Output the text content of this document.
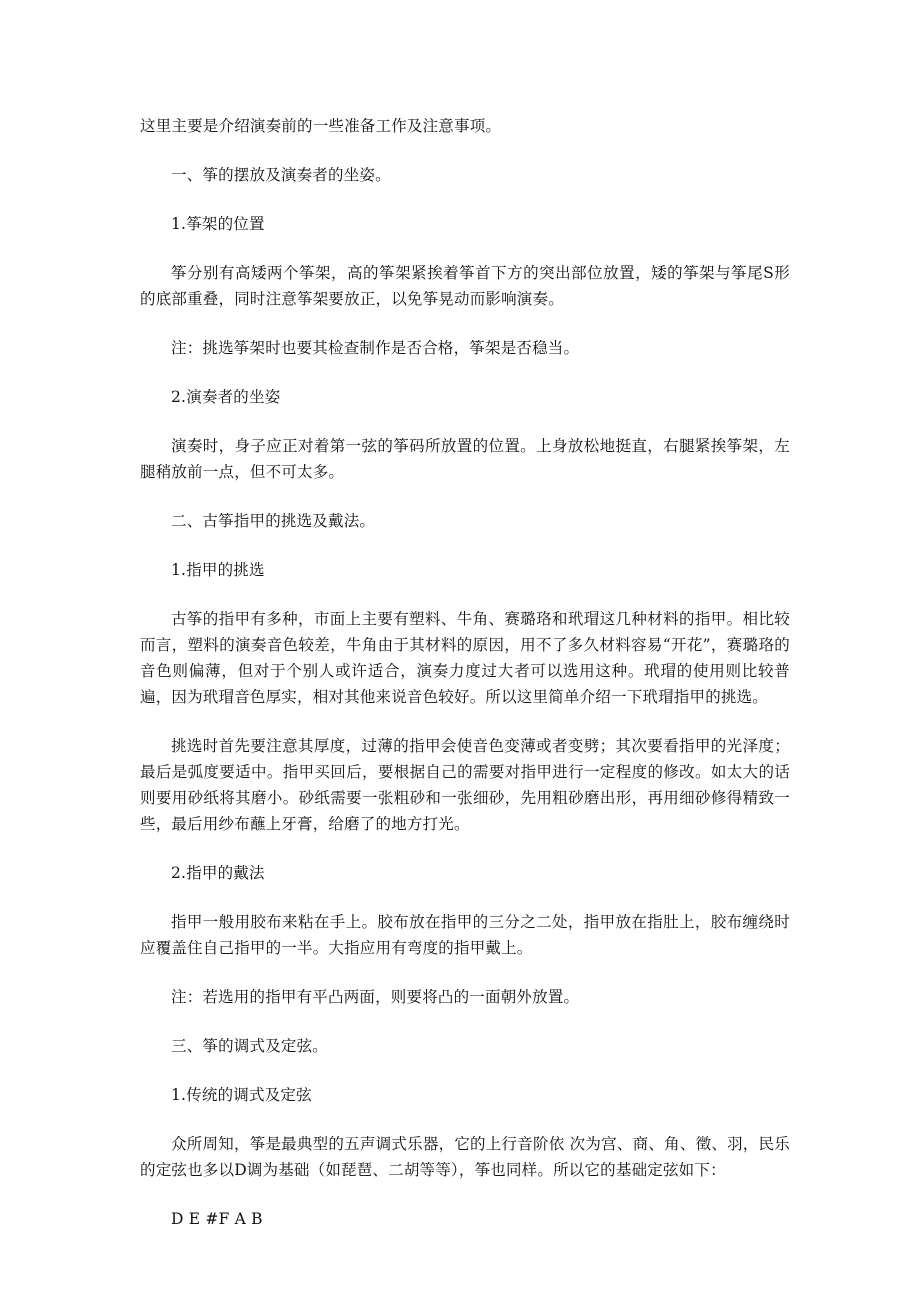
这里主要是介绍演奏前的一些准备工作及注意事项。

一、筝的摆放及演奏者的坐姿。

1.筝架的位置

筝分别有高矮两个筝架，高的筝架紧挨着筝首下方的突出部位放置，矮的筝架与筝尾S形的底部重叠，同时注意筝架要放正，以免筝晃动而影响演奏。

注：挑选筝架时也要其检查制作是否合格，筝架是否稳当。

2.演奏者的坐姿

演奏时，身子应正对着第一弦的筝码所放置的位置。上身放松地挺直，右腿紧挨筝架，左腿稍放前一点，但不可太多。

二、古筝指甲的挑选及戴法。

1.指甲的挑选

古筝的指甲有多种，市面上主要有塑料、牛角、赛璐珞和玳瑁这几种材料的指甲。相比较而言，塑料的演奏音色较差，牛角由于其材料的原因，用不了多久材料容易“开花”，赛璐珞的音色则偏薄，但对于个别人或许适合，演奏力度过大者可以选用这种。玳瑁的使用则比较普遍，因为玳瑁音色厚实，相对其他来说音色较好。所以这里简单介绍一下玳瑁指甲的挑选。

挑选时首先要注意其厚度，过薄的指甲会使音色变薄或者变劈；其次要看指甲的光泽度；最后是弧度要适中。指甲买回后，要根据自己的需要对指甲进行一定程度的修改。如太大的话则要用砂纸将其磨小。砂纸需要一张粗砂和一张细砂，先用粗砂磨出形，再用细砂修得精致一些，最后用纱布蘸上牙膏，给磨了的地方打光。

2.指甲的戴法

指甲一般用胶布来粘在手上。胶布放在指甲的三分之二处，指甲放在指肚上，胶布缠绕时应覆盖住自己指甲的一半。大指应用有弯度的指甲戴上。

注：若选用的指甲有平凸两面，则要将凸的一面朝外放置。

三、筝的调式及定弦。

1.传统的调式及定弦

众所周知，筝是最典型的五声调式乐器，它的上行音阶依 次为宫、商、角、徵、羽，民乐的定弦也多以D调为基础（如琵琶、二胡等等），筝也同样。所以它的基础定弦如下：

D E #F A B
